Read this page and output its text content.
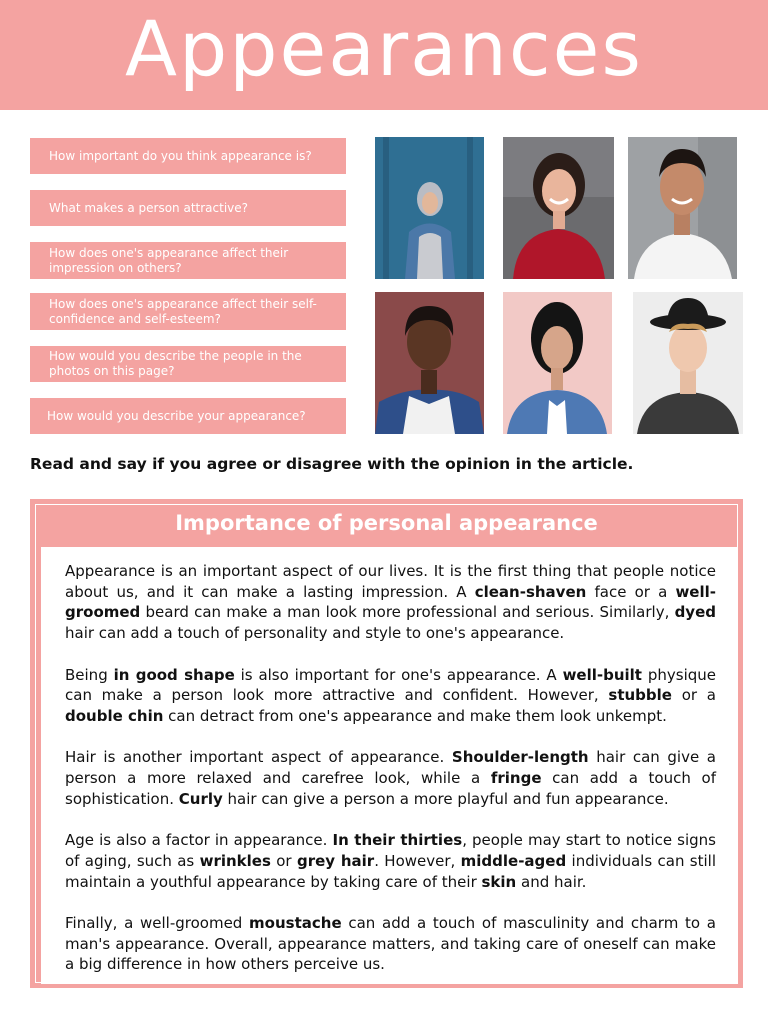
Appearances
How important do you think appearance is?
What makes a person attractive?
How does one's appearance affect their impression on others?
How does one's appearance affect their self-confidence and self-esteem?
How would you describe the people in the photos on this page?
How would you describe your appearance?
Read and say if you agree or disagree with the opinion in the article.
Importance of personal appearance

Appearance is an important aspect of our lives. It is the first thing that people notice about us, and it can make a lasting impression. A clean-shaven face or a well-groomed beard can make a man look more professional and serious. Similarly, dyed hair can add a touch of personality and style to one's appearance.

Being in good shape is also important for one's appearance. A well-built physique can make a person look more attractive and confident. However, stubble or a double chin can detract from one's appearance and make them look unkempt.

Hair is another important aspect of appearance. Shoulder-length hair can give a person a more relaxed and carefree look, while a fringe can add a touch of sophistication. Curly hair can give a person a more playful and fun appearance.

Age is also a factor in appearance. In their thirties, people may start to notice signs of aging, such as wrinkles or grey hair. However, middle-aged individuals can still maintain a youthful appearance by taking care of their skin and hair.

Finally, a well-groomed moustache can add a touch of masculinity and charm to a man's appearance. Overall, appearance matters, and taking care of oneself can make a big difference in how others perceive us.
